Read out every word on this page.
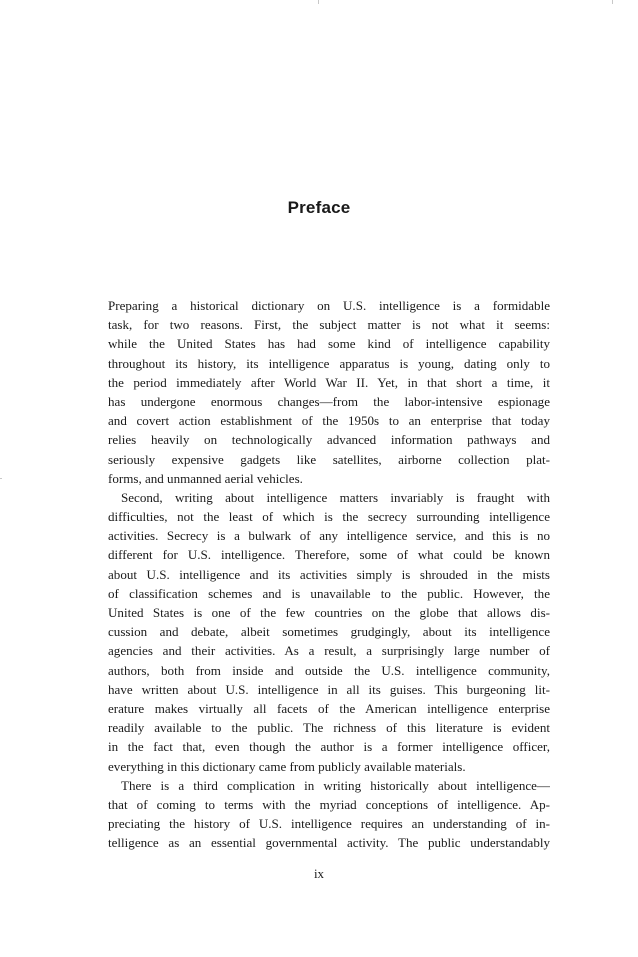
Preface
Preparing a historical dictionary on U.S. intelligence is a formidable
task, for two reasons. First, the subject matter is not what it seems:
while the United States has had some kind of intelligence capability
throughout its history, its intelligence apparatus is young, dating only to
the period immediately after World War II. Yet, in that short a time, it
has undergone enormous changes—from the labor-intensive espionage
and covert action establishment of the 1950s to an enterprise that today
relies heavily on technologically advanced information pathways and
seriously expensive gadgets like satellites, airborne collection plat-
forms, and unmanned aerial vehicles.
Second, writing about intelligence matters invariably is fraught with
difficulties, not the least of which is the secrecy surrounding intelligence
activities. Secrecy is a bulwark of any intelligence service, and this is no
different for U.S. intelligence. Therefore, some of what could be known
about U.S. intelligence and its activities simply is shrouded in the mists
of classification schemes and is unavailable to the public. However, the
United States is one of the few countries on the globe that allows dis-
cussion and debate, albeit sometimes grudgingly, about its intelligence
agencies and their activities. As a result, a surprisingly large number of
authors, both from inside and outside the U.S. intelligence community,
have written about U.S. intelligence in all its guises. This burgeoning lit-
erature makes virtually all facets of the American intelligence enterprise
readily available to the public. The richness of this literature is evident
in the fact that, even though the author is a former intelligence officer,
everything in this dictionary came from publicly available materials.
There is a third complication in writing historically about intelligence—
that of coming to terms with the myriad conceptions of intelligence. Ap-
preciating the history of U.S. intelligence requires an understanding of in-
telligence as an essential governmental activity. The public understandably
ix
